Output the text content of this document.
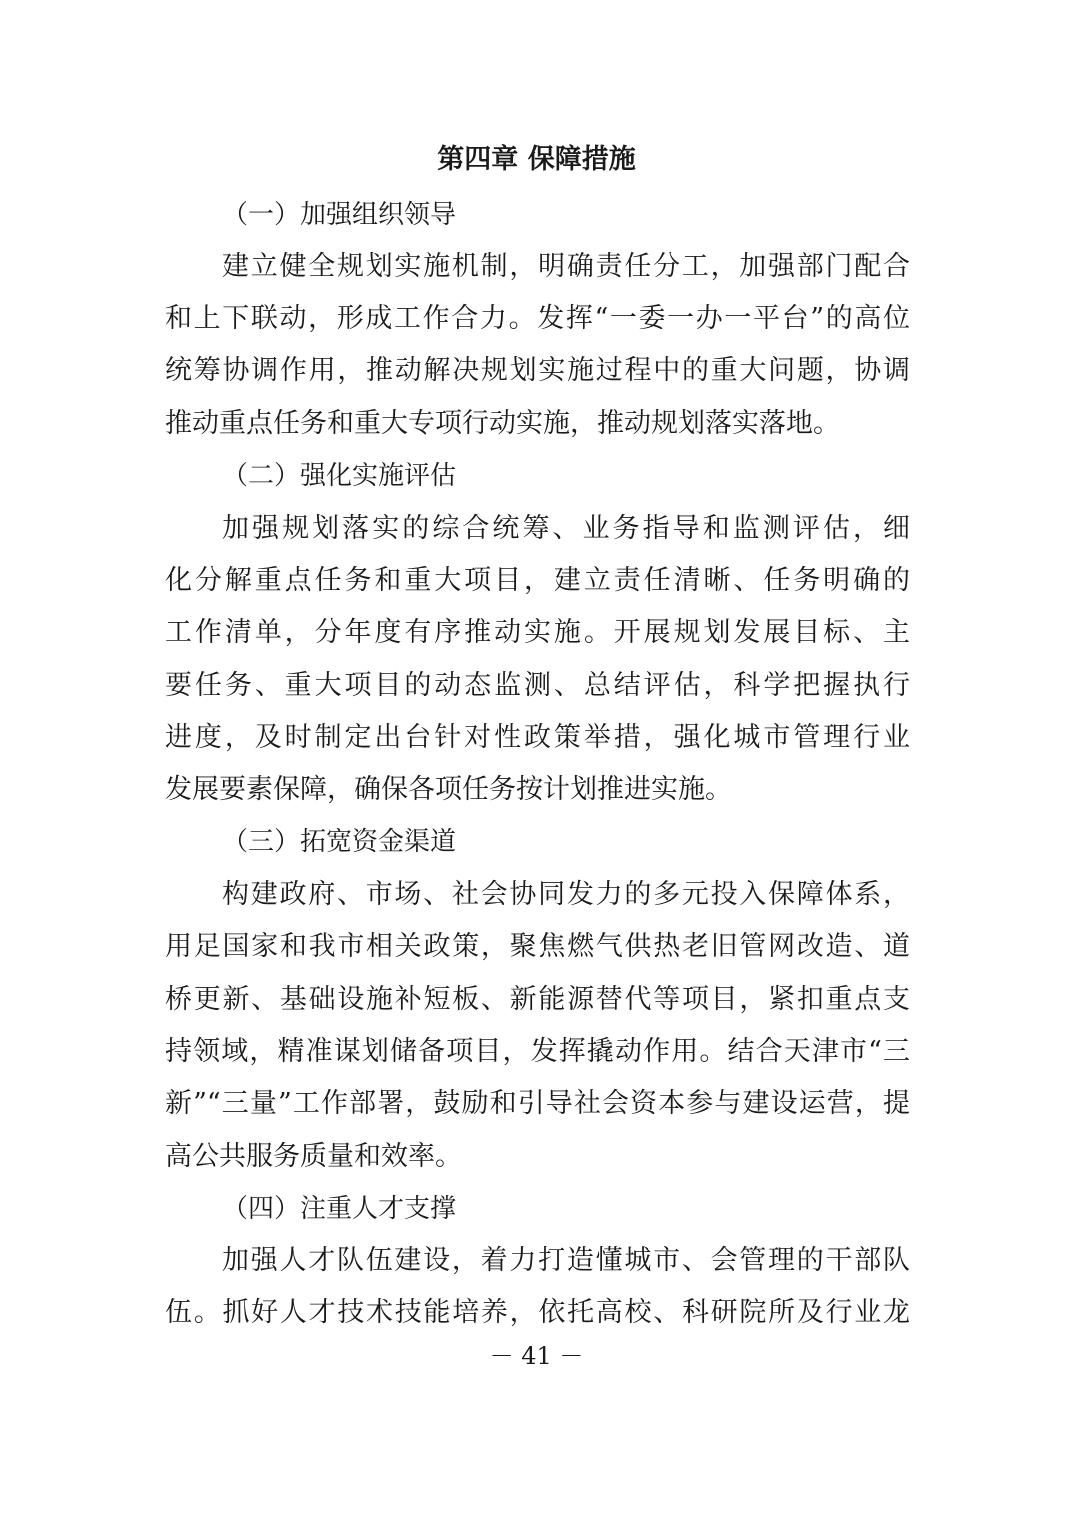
第四章 保障措施

（一）加强组织领导

建立健全规划实施机制，明确责任分工，加强部门配合

和上下联动，形成工作合力。发挥“一委一办一平台”的高位

统筹协调作用，推动解决规划实施过程中的重大问题，协调

推动重点任务和重大专项行动实施，推动规划落实落地。

（二）强化实施评估

加强规划落实的综合统筹、业务指导和监测评估，细

化分解重点任务和重大项目，建立责任清晰、任务明确的

工作清单，分年度有序推动实施。开展规划发展目标、主

要任务、重大项目的动态监测、总结评估，科学把握执行

进度，及时制定出台针对性政策举措，强化城市管理行业

发展要素保障，确保各项任务按计划推进实施。

（三）拓宽资金渠道

构建政府、市场、社会协同发力的多元投入保障体系，

用足国家和我市相关政策，聚焦燃气供热老旧管网改造、道

桥更新、基础设施补短板、新能源替代等项目，紧扣重点支

持领域，精准谋划储备项目，发挥撬动作用。结合天津市“三

新”“三量”工作部署，鼓励和引导社会资本参与建设运营，提

高公共服务质量和效率。

（四）注重人才支撑

加强人才队伍建设，着力打造懂城市、会管理的干部队

伍。抓好人才技术技能培养，依托高校、科研院所及行业龙

－ 41 －
